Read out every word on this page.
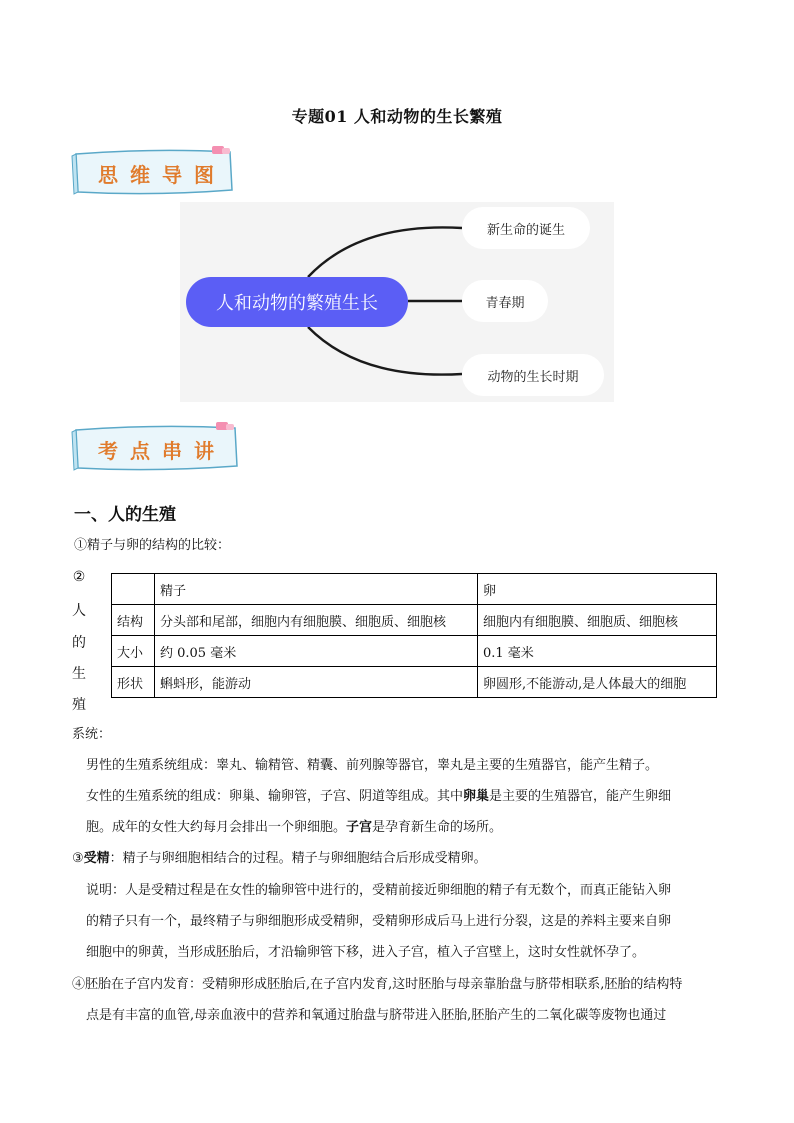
专题01 人和动物的生长繁殖
思维导图
人和动物的繁殖生长
新生命的诞生
青春期
动物的生长时期
考点串讲
一、人的生殖
①精子与卵的结构的比较：
②
人
的
生
殖
	精子	卵
结构	分头部和尾部，细胞内有细胞膜、细胞质、细胞核	细胞内有细胞膜、细胞质、细胞核
大小	约 0.05 毫米	0.1 毫米
形状	蝌蚪形，能游动	卵圆形,不能游动,是人体最大的细胞
系统：
男性的生殖系统组成：睾丸、输精管、精囊、前列腺等器官，睾丸是主要的生殖器官，能产生精子。
女性的生殖系统的组成：卵巢、输卵管，子宫、阴道等组成。其中卵巢是主要的生殖器官，能产生卵细
胞。成年的女性大约每月会排出一个卵细胞。子宫是孕育新生命的场所。
③受精：精子与卵细胞相结合的过程。精子与卵细胞结合后形成受精卵。
说明：人是受精过程是在女性的输卵管中进行的，受精前接近卵细胞的精子有无数个，而真正能钻入卵
的精子只有一个，最终精子与卵细胞形成受精卵，受精卵形成后马上进行分裂，这是的养料主要来自卵
细胞中的卵黄，当形成胚胎后，才沿输卵管下移，进入子宫，植入子宫壁上，这时女性就怀孕了。
④胚胎在子宫内发育：受精卵形成胚胎后,在子宫内发育,这时胚胎与母亲靠胎盘与脐带相联系,胚胎的结构特
点是有丰富的血管,母亲血液中的营养和氧通过胎盘与脐带进入胚胎,胚胎产生的二氧化碳等废物也通过
